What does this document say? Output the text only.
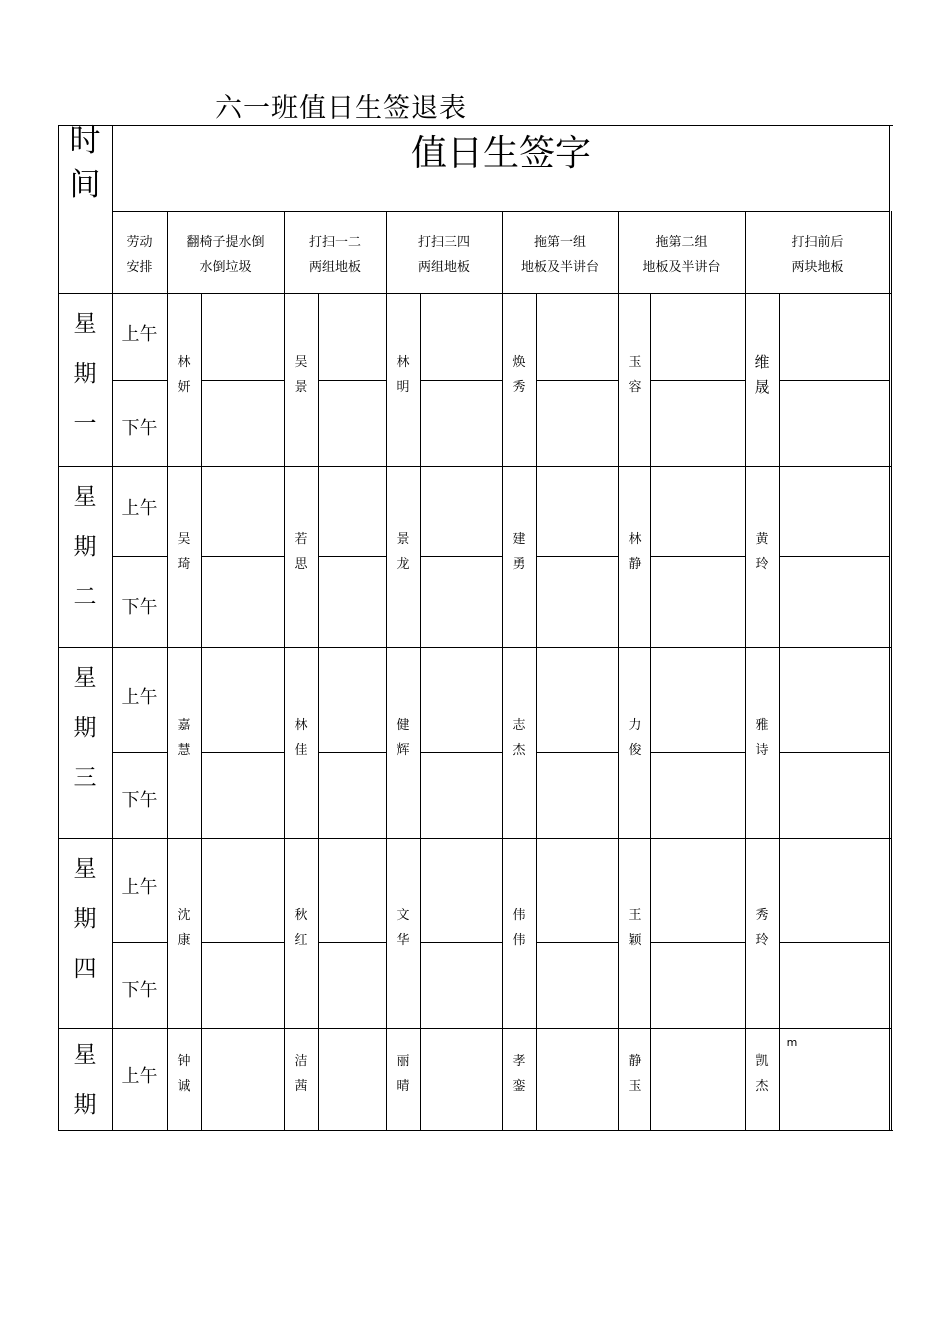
六一班值日生签退表
时
间
值日生签字
劳动
安排
翻椅子提水倒
水倒垃圾
打扫一二
两组地板
打扫三四
两组地板
拖第一组
地板及半讲台
拖第二组
地板及半讲台
打扫前后
两块地板
星
期
一
上午
下午
林
妍
吴
景
林
明
焕
秀
玉
容
维
晟
星
期
二
上午
下午
吴
琦
若
思
景
龙
建
勇
林
静
黄
玲
星
期
三
上午
下午
嘉
慧
林
佳
健
辉
志
杰
力
俊
雅
诗
星
期
四
上午
下午
沈
康
秋
红
文
华
伟
伟
王
颖
秀
玲
星
期
上午
钟
诚
洁
茜
丽
晴
孝
銮
静
玉
凯
杰
m
